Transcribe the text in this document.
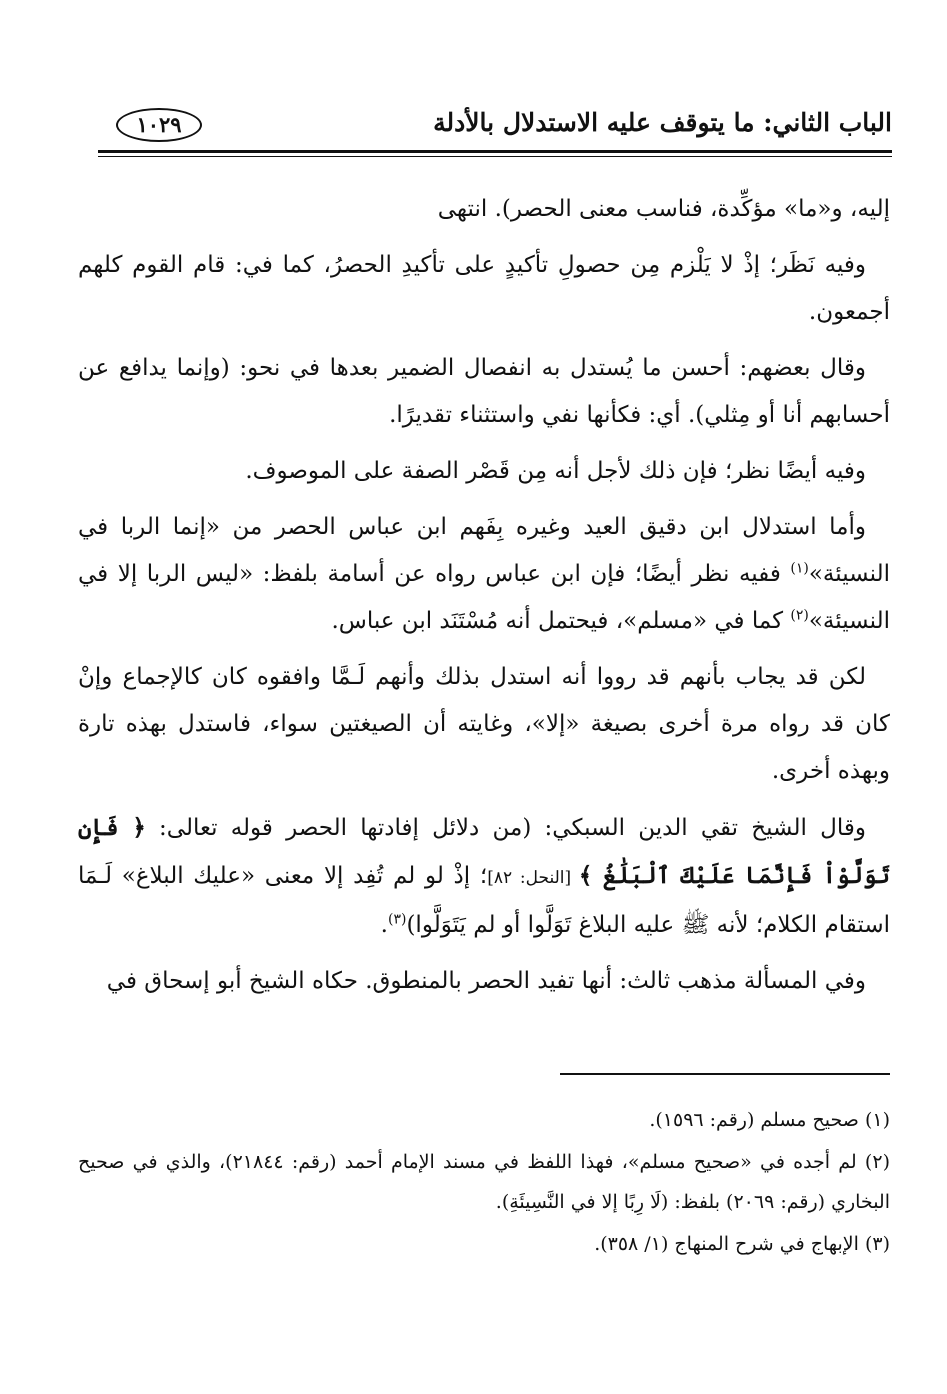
الباب الثاني: ما يتوقف عليه الاستدلال بالأدلة
١٠٢٩

إليه، و«ما» مؤكِّدة، فناسب معنى الحصر). انتهى

وفيه نَظَر؛ إذْ لا يَلْزم مِن حصولِ تأكيدٍ على تأكيدِ الحصرُ، كما في: قام القوم كلهم أجمعون.

وقال بعضهم: أحسن ما يُستدل به انفصال الضمير بعدها في نحو: (وإنما يدافع عن أحسابهم أنا أو مِثلي). أي: فكأنها نفي واستثناء تقديرًا.

وفيه أيضًا نظر؛ فإن ذلك لأجل أنه مِن قَصْر الصفة على الموصوف.

وأما استدلال ابن دقيق العيد وغيره بِفَهم ابن عباس الحصر من «إنما الربا في النسيئة»$^{(١)}$ ففيه نظر أيضًا؛ فإن ابن عباس رواه عن أسامة بلفظ: «ليس الربا إلا في النسيئة»$^{(٢)}$ كما في «مسلم»، فيحتمل أنه مُسْتَنَد ابن عباس.

لكن قد يجاب بأنهم قد رووا أنه استدل بذلك وأنهم لَـمَّا وافقوه كان كالإجماع وإنْ كان قد رواه مرة أخرى بصيغة «إلا»، وغايته أن الصيغتين سواء، فاستدل بهذه تارة وبهذه أخرى.

وقال الشيخ تقي الدين السبكي: (من دلائل إفادتها الحصر قوله تعالى: ﴿ فَإِن تَوَلَّوْاْ فَإِنَّمَا عَلَيْكَ ٱلْبَلَٰغُ ﴾ [النحل: ٨٢]؛ إذْ لو لم تُفِد إلا معنى «عليك البلاغ» لَـمَا استقام الكلام؛ لأنه ﷺ عليه البلاغ تَوَلَّوا أو لم يَتَوَلَّوا)$^{(٣)}$.

وفي المسألة مذهب ثالث: أنها تفيد الحصر بالمنطوق. حكاه الشيخ أبو إسحاق في

(١) صحيح مسلم (رقم: ١٥٩٦).

(٢) لم أجده في «صحيح مسلم»، فهذا اللفظ في مسند الإمام أحمد (رقم: ٢١٨٤٤)، والذي في صحيح البخاري (رقم: ٢٠٦٩) بلفظ: (لَا رِبًا إلا في النَّسِيئَةِ).

(٣) الإبهاج في شرح المنهاج (١/ ٣٥٨).
